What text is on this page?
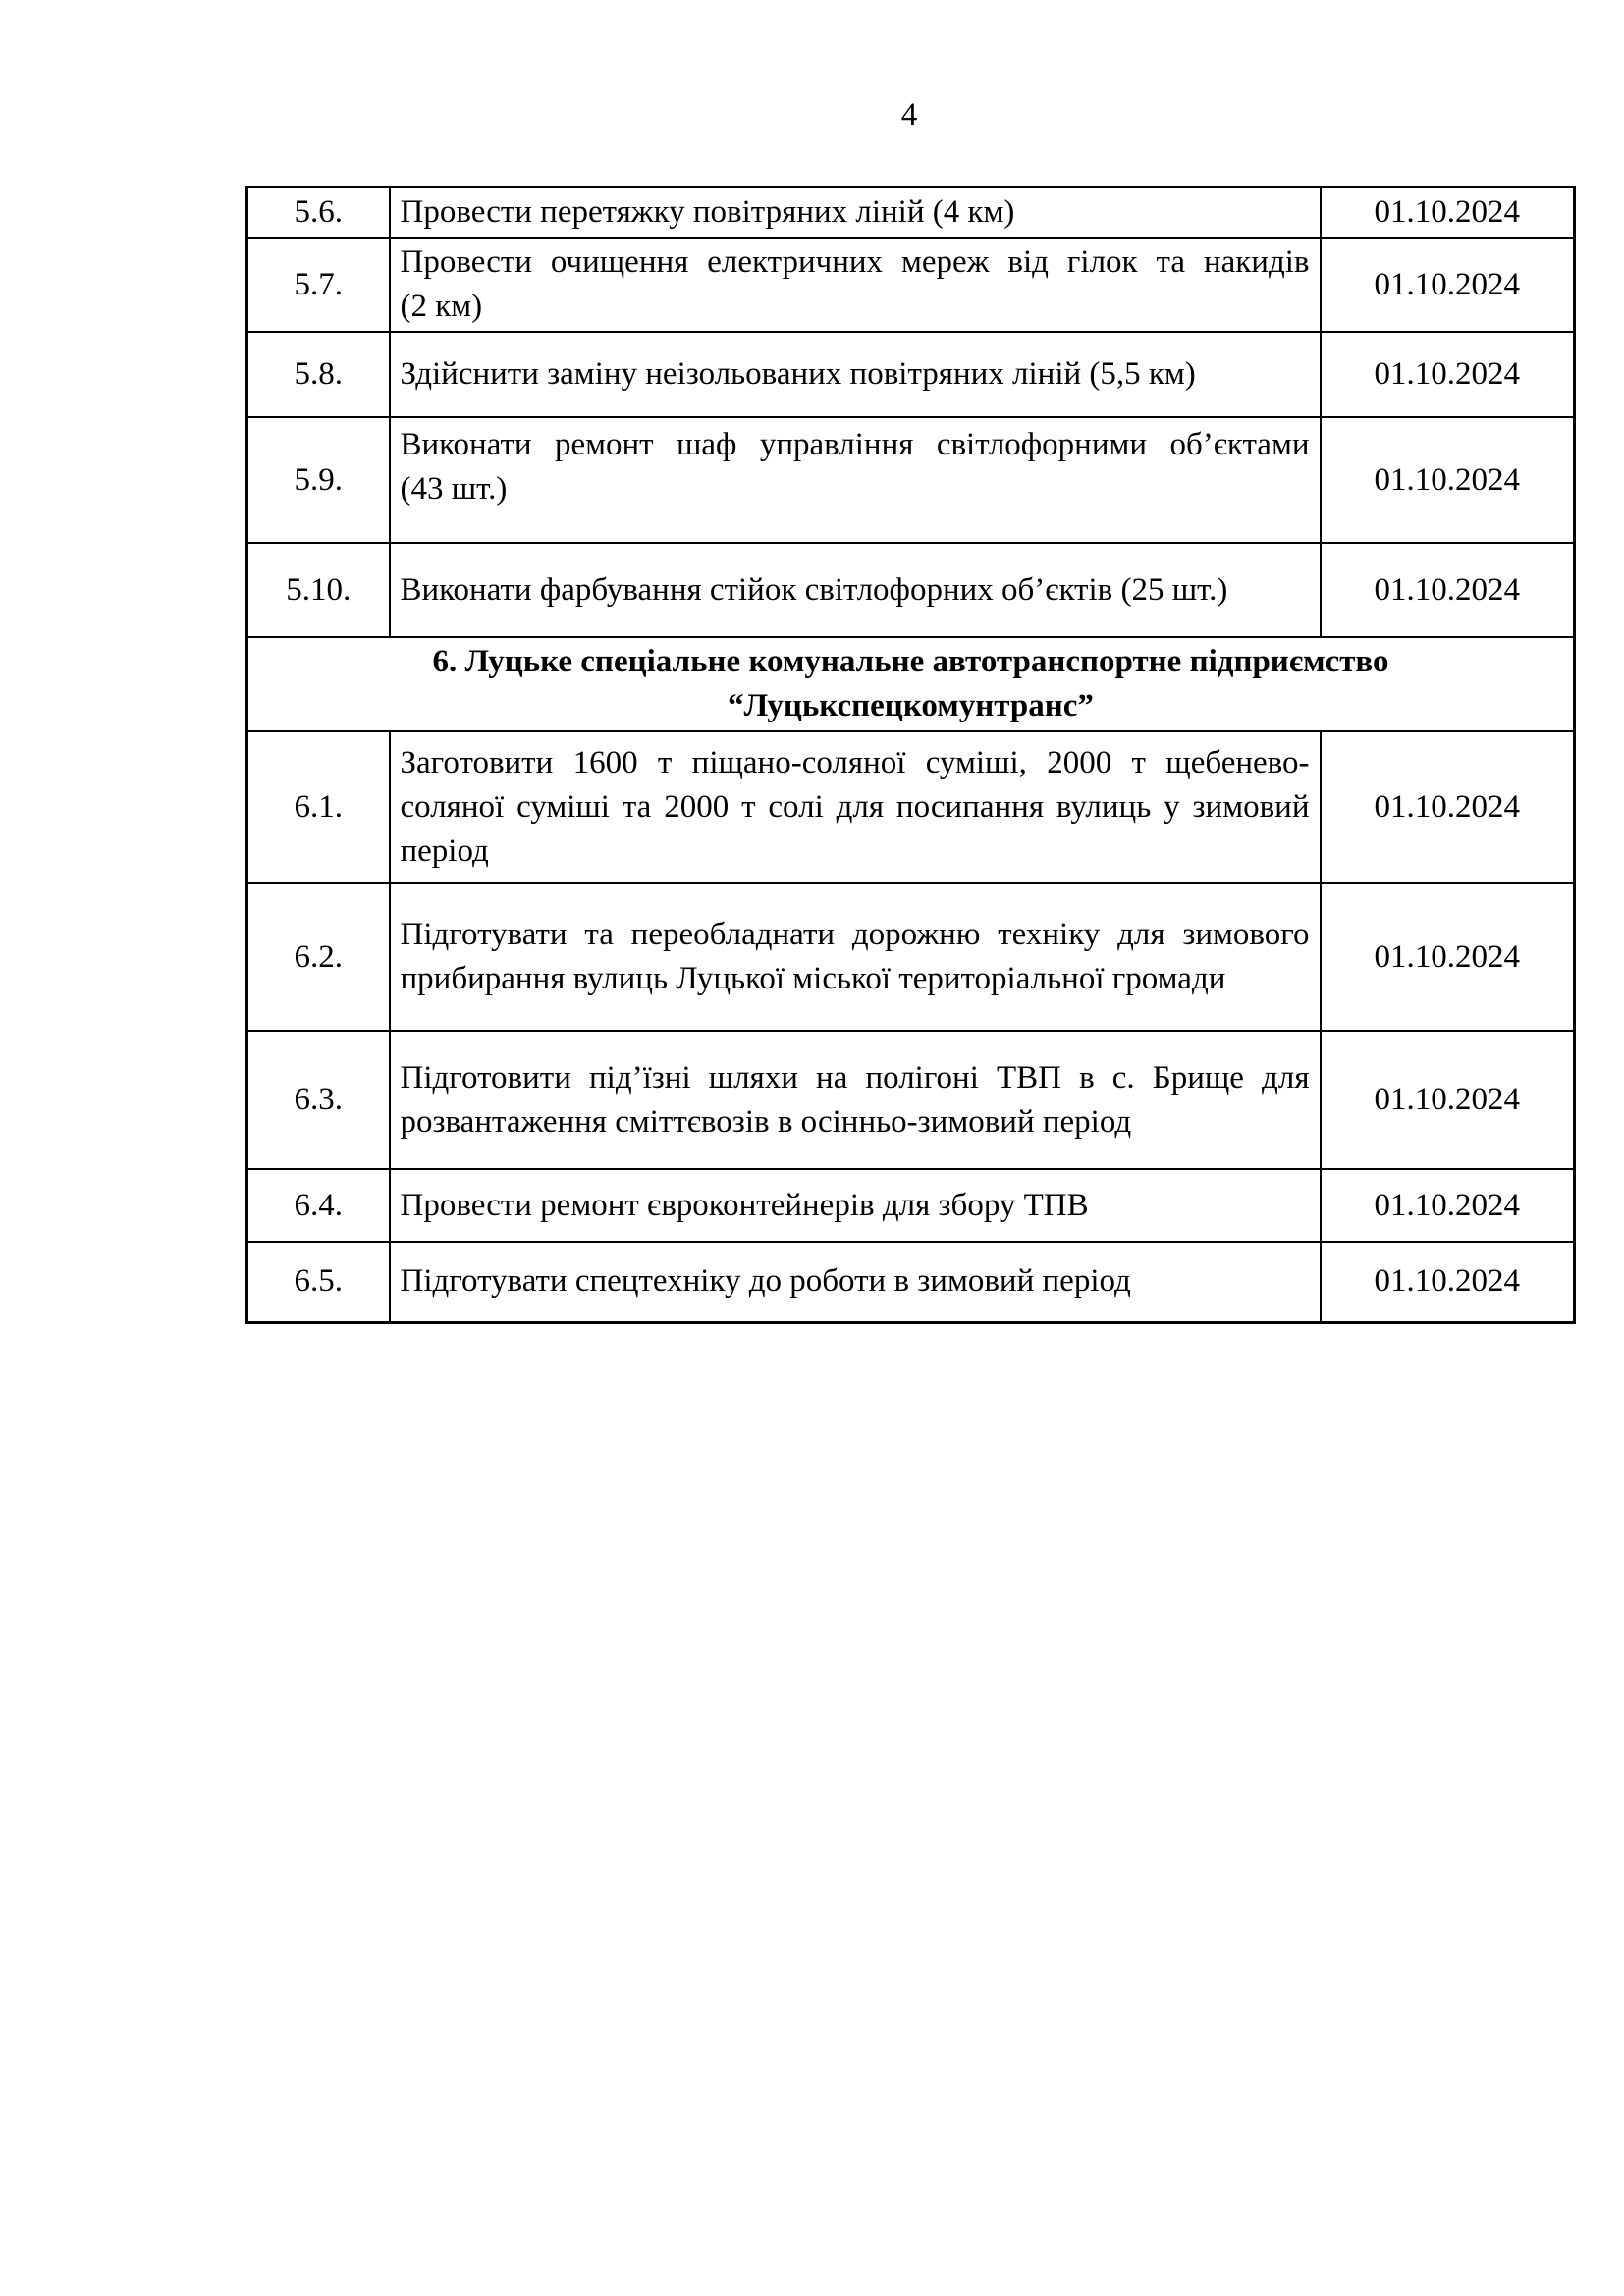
4
5.6.	Провести перетяжку повітряних ліній (4 км)	01.10.2024
5.7.	Провести очищення електричних мереж від гілок та накидів (2 км)	01.10.2024
5.8.	Здійснити заміну неізольованих повітряних ліній (5,5 км)	01.10.2024
5.9.	Виконати ремонт шаф управління світлофорними об’єктами (43 шт.)	01.10.2024
5.10.	Виконати фарбування стійок світлофорних об’єктів (25 шт.)	01.10.2024

6. Луцьке спеціальне комунальне автотранспортне підприємство
“Луцькспецкомунтранс”		

6.1.	Заготовити 1600 т піщано-соляної суміші, 2000 т щебенево-соляної суміші та 2000 т солі для посипання вулиць у зимовий період	01.10.2024
6.2.	Підготувати та переобладнати дорожню техніку для зимового прибирання вулиць Луцької міської територіальної громади	01.10.2024
6.3.	Підготовити під’їзні шляхи на полігоні ТВП в с. Брище для розвантаження сміттєвозів в осінньо-зимовий період	01.10.2024
6.4.	Провести ремонт євроконтейнерів для збору ТПВ	01.10.2024
6.5.	Підготувати спецтехніку до роботи в зимовий період	01.10.2024
